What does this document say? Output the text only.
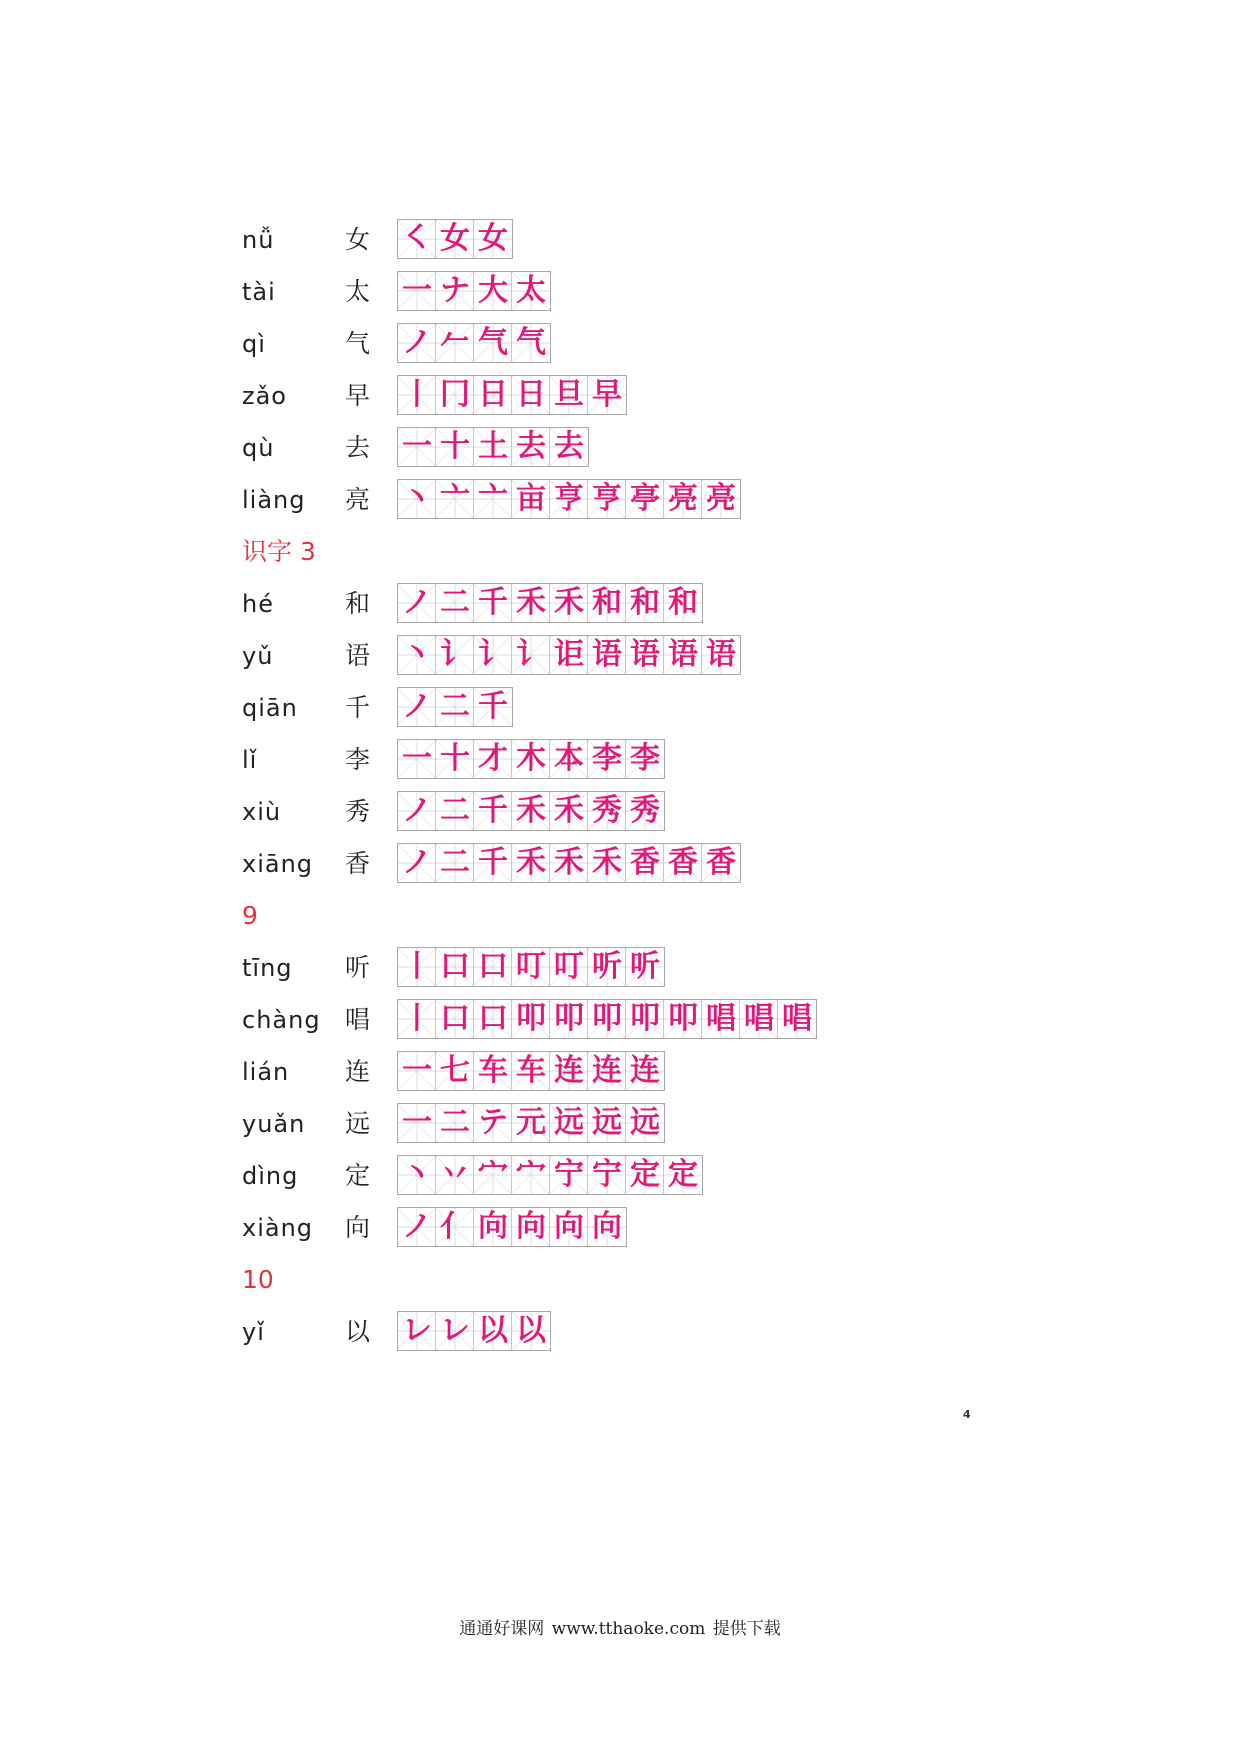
nǚ	女 ㇛ 女 女
tài	太 一 ナ 大 太
qì	气 ノ 𠂉 气 气
zǎo 早 丨 冂 日 日 旦 早
qù	去 一 十 土 去 去
liàng 亮 丶 亠 亠 亩 亨 亨 亭 亮 亮
识字 3
hé	和 ノ 二 千 禾 禾 和 和 和
yǔ	语 丶 讠 讠 讠 讵 语 语 语 语
qiān 千 ノ 二 千
lǐ	李 一 十 才 木 本 李 李
xiù	秀 ノ 二 千 禾 禾 秀 秀
xiāng 香 ノ 二 千 禾 禾 禾 香 香 香
9
tīng 听 丨 口 口 叮 叮 听 听
chàng 唱 丨 口 口 叩 叩 叩 叩 叩 唱 唱 唱
lián 连 一 七 车 车 连 连 连
yuǎn 远 一 二 テ 元 远 远 远
dìng 定 丶 丷 宀 宀 宁 宁 定 定
xiàng 向 ノ 亻 向 向 向 向
10
yǐ	以 レ レ 以 以
4
通通好课网 www.tthaoke.com 提供下载
